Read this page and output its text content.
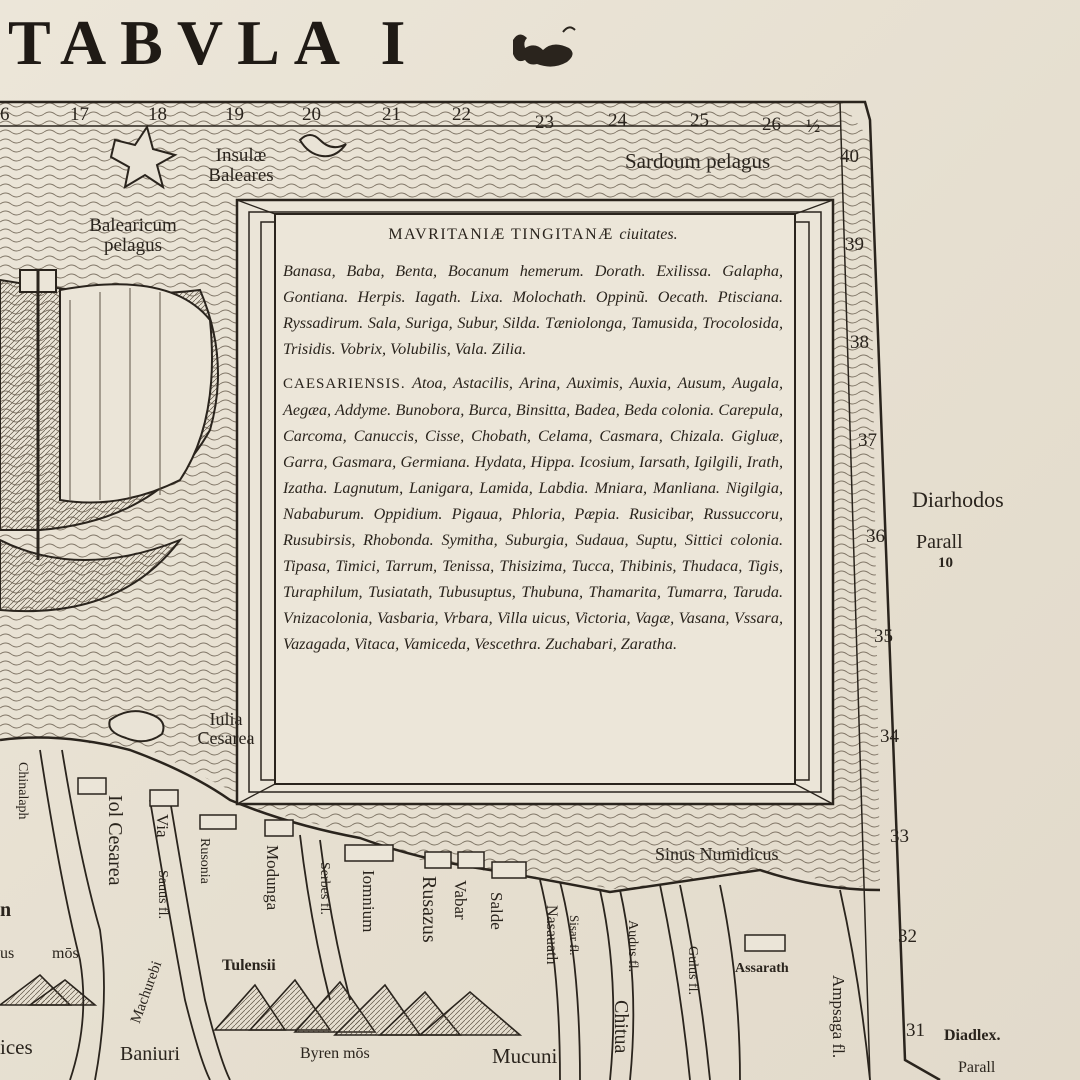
TABVLA I
6	17	18	19	20	21	22	23	24	25	26 ½
40
39
38
37
36
35
34
33
32
31
Sardoum pelagus
Balearicum pelagus
Insulæ Baleares
Sinus Numidicus
Diarhodos
Parall
10
Diadlex.
Parall
MAVRITANIÆ TINGITANÆ ciuitates.
Banasa, Baba, Benta, Bocanum hemerum. Dorath. Exilissa. Galapha, Gontiana. Herpis. Iagath. Lixa. Molochath. Oppinũ. Oecath. Ptisciana. Ryssadirum. Sala, Suriga, Subur, Silda. Tæniolonga, Tamusida, Trocolosida, Trisidis. Vobrix, Volubilis, Vala. Zilia.
CAESARIENSIS. Atoa, Astacilis, Arina, Auximis, Auxia, Ausum, Augala, Aegæa, Addyme. Bunobora, Burca, Binsitta, Badea, Beda colonia. Carepula, Carcoma, Canuccis, Cisse, Chobath, Celama, Casmara, Chizala. Gigluæ, Garra, Gasmara, Germiana. Hydata, Hippa. Icosium, Iarsath, Igilgili, Irath, Izatha. Lagnutum, Lanigara, Lamida, Labdia. Mniara, Manliana. Nigilgia, Nababurum. Oppidium. Pigaua, Phloria, Pæpia. Rusicibar, Russuccoru, Rusubirsis, Rhobonda. Symitha, Suburgia, Sudaua, Suptu, Sittici colonia. Tipasa, Timici, Tarrum, Tenissa, Thisizima, Tucca, Thibinis, Thudaca, Tigis, Turaphilum, Tusiatath, Tubusuptus, Thubuna, Thamarita, Tumarra, Taruda. Vnizacolonia, Vasbaria, Vrbara, Villa uicus, Victoria, Vagæ, Vasana, Vssara, Vazagada, Vitaca, Vamiceda, Vescethra. Zuchabari, Zaratha.
Iulia Cesarea
Tulensii
Byren mōs	Mucuni
Baniuri
ices
mōs
us
n
Assarath
Chinalaph
Iol Cesarea Via
Sauus fl.
Rusonia	Modunga	Serbes fl. Iomnium Rusazus Vabar Salde Nasauath Sisar fl.	Audus fl.	Gulus fl.
Chitua	Ampsaga fl.
Machurebi
